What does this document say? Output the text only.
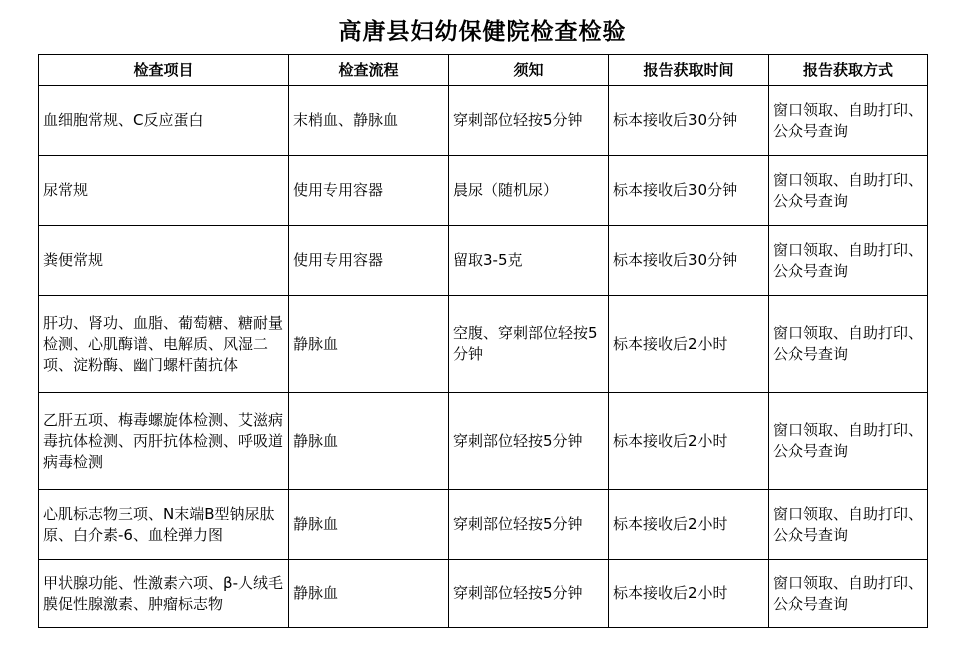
高唐县妇幼保健院检查检验
检查项目	检查流程	须知	报告获取时间	报告获取方式
血细胞常规、C反应蛋白	末梢血、静脉血	穿刺部位轻按5分钟	标本接收后30分钟	窗口领取、自助打印、公众号查询
尿常规	使用专用容器	晨尿（随机尿）	标本接收后30分钟	窗口领取、自助打印、公众号查询
粪便常规	使用专用容器	留取3-5克	标本接收后30分钟	窗口领取、自助打印、公众号查询
肝功、肾功、血脂、葡萄糖、糖耐量检测、心肌酶谱、电解质、风湿二项、淀粉酶、幽门螺杆菌抗体	静脉血	空腹、穿刺部位轻按5分钟	标本接收后2小时	窗口领取、自助打印、公众号查询
乙肝五项、梅毒螺旋体检测、艾滋病毒抗体检测、丙肝抗体检测、呼吸道病毒检测	静脉血	穿刺部位轻按5分钟	标本接收后2小时	窗口领取、自助打印、公众号查询
心肌标志物三项、N末端B型钠尿肽原、白介素-6、血栓弹力图	静脉血	穿刺部位轻按5分钟	标本接收后2小时	窗口领取、自助打印、公众号查询
甲状腺功能、性激素六项、β-人绒毛膜促性腺激素、肿瘤标志物	静脉血	穿刺部位轻按5分钟	标本接收后2小时	窗口领取、自助打印、公众号查询
